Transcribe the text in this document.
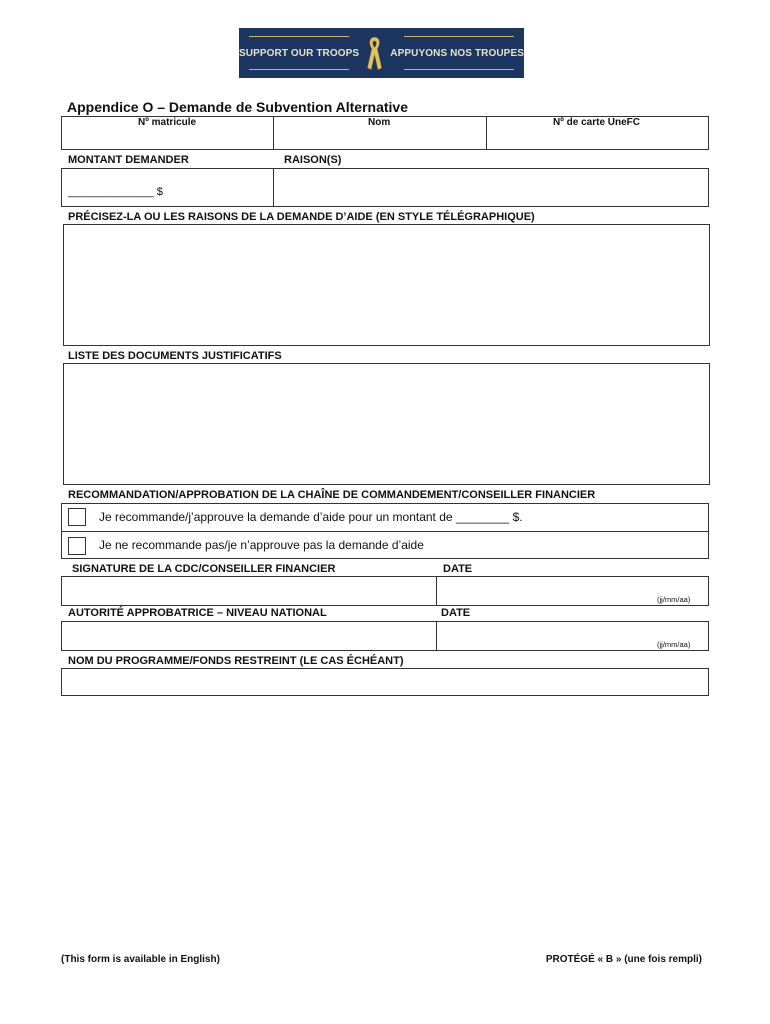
SUPPORT OUR TROOPS	APPUYONS NOS TROUPES
Appendice O – Demande de Subvention Alternative
Nº matricule	Nom	Nº de carte UneFC
MONTANT DEMANDER	RAISON(S)
______________ $
PRÉCISEZ-LA OU LES RAISONS DE LA DEMANDE D’AIDE (EN STYLE TÉLÉGRAPHIQUE)
LISTE DES DOCUMENTS JUSTIFICATIFS
RECOMMANDATION/APPROBATION DE LA CHAÎNE DE COMMANDEMENT/CONSEILLER FINANCIER
Je recommande/j’approuve la demande d’aide pour un montant de ________ $.
Je ne recommande pas/je n’approuve pas la demande d’aide
SIGNATURE DE LA CDC/CONSEILLER FINANCIER	DATE
(jj/mm/aa)
AUTORITÉ APPROBATRICE – NIVEAU NATIONAL	DATE
(jj/mm/aa)
NOM DU PROGRAMME/FONDS RESTREINT (LE CAS ÉCHÉANT)
(This form is available in English)	PROTÉGÉ « B » (une fois rempli)
